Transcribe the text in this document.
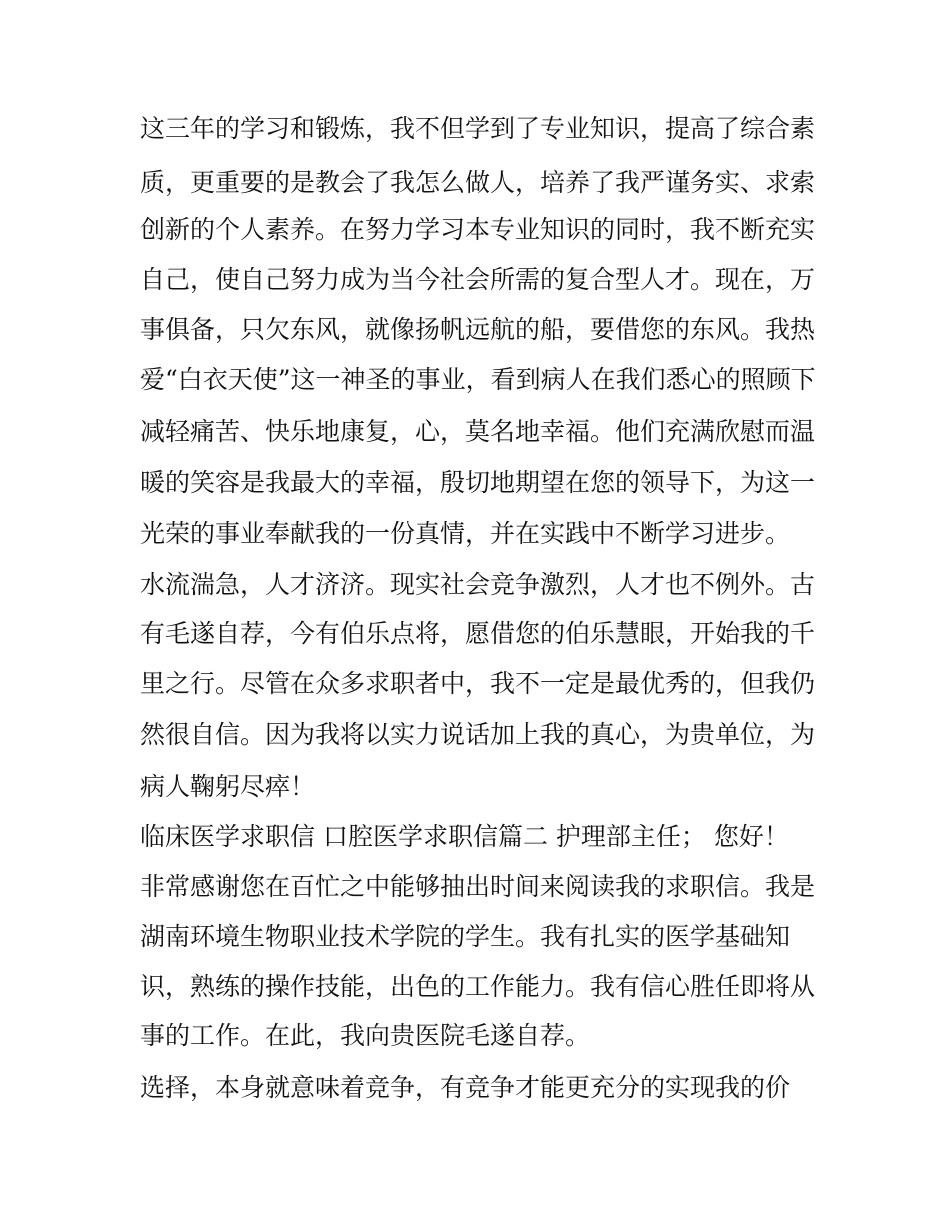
这三年的学习和锻炼，我不但学到了专业知识，提高了综合素
质，更重要的是教会了我怎么做人，培养了我严谨务实、求索
创新的个人素养。在努力学习本专业知识的同时，我不断充实
自己，使自己努力成为当今社会所需的复合型人才。现在，万
事俱备，只欠东风，就像扬帆远航的船，要借您的东风。我热
爱“白衣天使”这一神圣的事业，看到病人在我们悉心的照顾下
减轻痛苦、快乐地康复，心，莫名地幸福。他们充满欣慰而温
暖的笑容是我最大的幸福，殷切地期望在您的领导下，为这一
光荣的事业奉献我的一份真情，并在实践中不断学习进步。
水流湍急，人才济济。现实社会竞争激烈，人才也不例外。古
有毛遂自荐，今有伯乐点将，愿借您的伯乐慧眼，开始我的千
里之行。尽管在众多求职者中，我不一定是最优秀的，但我仍
然很自信。因为我将以实力说话加上我的真心，为贵单位，为
病人鞠躬尽瘁！
临床医学求职信 口腔医学求职信篇二 护理部主任； 您好！
非常感谢您在百忙之中能够抽出时间来阅读我的求职信。我是
湖南环境生物职业技术学院的学生。我有扎实的医学基础知
识，熟练的操作技能，出色的工作能力。我有信心胜任即将从
事的工作。在此，我向贵医院毛遂自荐。
选择，本身就意味着竞争，有竞争才能更充分的实现我的价
